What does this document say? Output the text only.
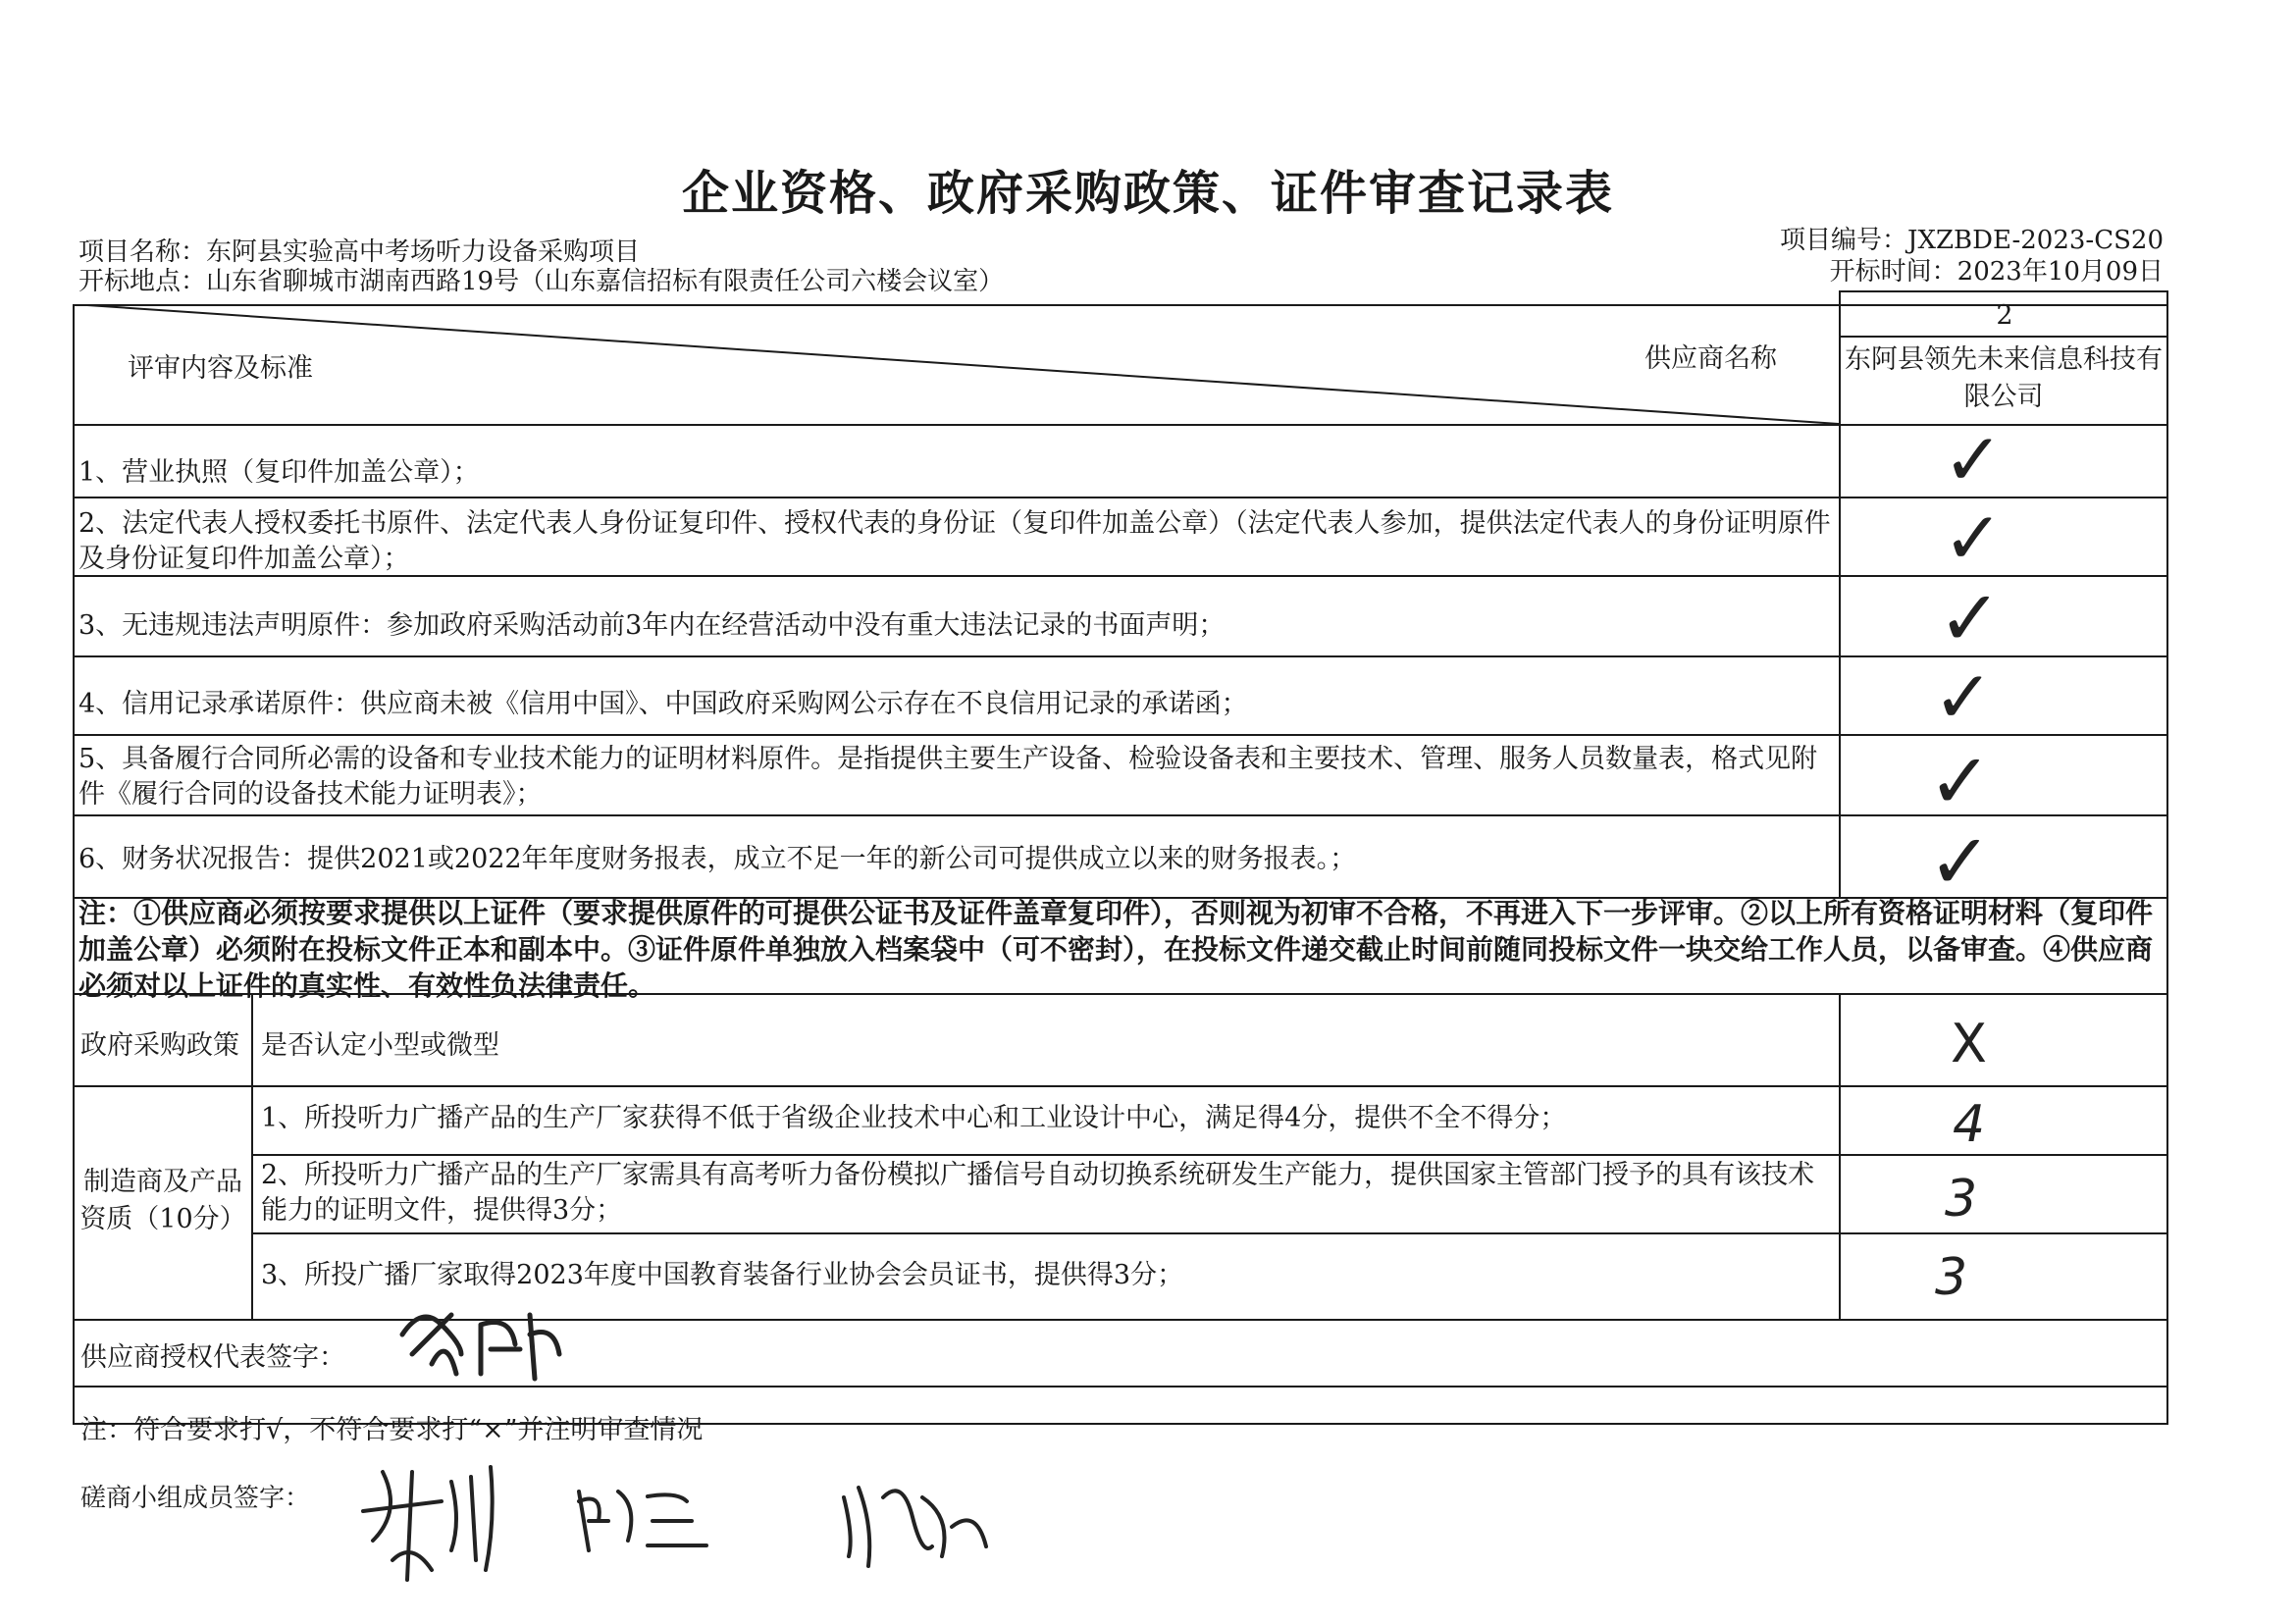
企业资格、政府采购政策、证件审查记录表
项目名称：东阿县实验高中考场听力设备采购项目
开标地点：山东省聊城市湖南西路19号（山东嘉信招标有限责任公司六楼会议室）
项目编号：JXZBDE-2023-CS20
开标时间：2023年10月09日
评审内容及标准	供应商名称
2
东阿县领先未来信息科技有限公司
1、营业执照（复印件加盖公章）；
2、法定代表人授权委托书原件、法定代表人身份证复印件、授权代表的身份证（复印件加盖公章）（法定代表人参加，提供法定代表人的身份证明原件及身份证复印件加盖公章）；
3、无违规违法声明原件：参加政府采购活动前3年内在经营活动中没有重大违法记录的书面声明；
4、信用记录承诺原件：供应商未被《信用中国》、中国政府采购网公示存在不良信用记录的承诺函；
5、具备履行合同所必需的设备和专业技术能力的证明材料原件。是指提供主要生产设备、检验设备表和主要技术、管理、服务人员数量表，格式见附件《履行合同的设备技术能力证明表》；
6、财务状况报告：提供2021或2022年年度财务报表，成立不足一年的新公司可提供成立以来的财务报表。；
✓
✓
✓
✓
✓
✓
注：①供应商必须按要求提供以上证件（要求提供原件的可提供公证书及证件盖章复印件），否则视为初审不合格，不再进入下一步评审。②以上所有资格证明材料（复印件加盖公章）必须附在投标文件正本和副本中。③证件原件单独放入档案袋中（可不密封），在投标文件递交截止时间前随同投标文件一块交给工作人员，以备审查。④供应商必须对以上证件的真实性、有效性负法律责任。
政府采购政策 是否认定小型或微型	X
制造商及产品资质（10分）
1、所投听力广播产品的生产厂家获得不低于省级企业技术中心和工业设计中心，满足得4分，提供不全不得分；
2、所投听力广播产品的生产厂家需具有高考听力备份模拟广播信号自动切换系统研发生产能力，提供国家主管部门授予的具有该技术能力的证明文件，提供得3分；
3、所投广播厂家取得2023年度中国教育装备行业协会会员证书，提供得3分；
4
3
3
供应商授权代表签字：
注：符合要求打√，不符合要求打“×”并注明审查情况
磋商小组成员签字：
